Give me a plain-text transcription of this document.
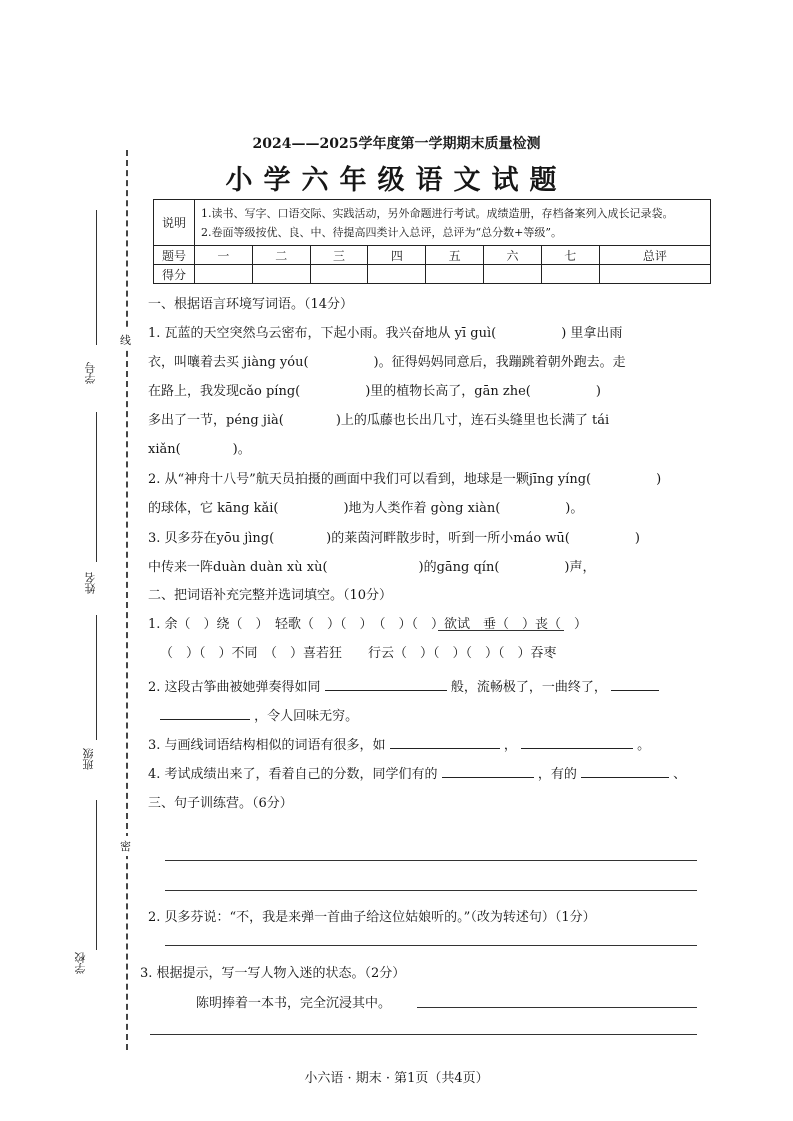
2024——2025学年度第一学期期末质量检测
小学六年级语文试题
学号
姓名
班级
学校
线
密
说明	1.读书、写字、口语交际、实践活动，另外命题进行考试。成绩造册，存档备案列入成长记录袋。
2.卷面等级按优、良、中、待提高四类计入总评，总评为“总分数+等级”。							

题号	一	二	三	四	五	六	七	总评
得分								
一、根据语言环境写词语。（14分）
1. 瓦蓝的天空突然乌云密布，下起小雨。我兴奋地从 yī guì(　　　　　) 里拿出雨
衣，叫嚷着去买 jiàng yóu(　　　　　)。征得妈妈同意后，我蹦跳着朝外跑去。走
在路上，我发现cǎo píng(　　　　　)里的植物长高了，gān zhe(　　　　　)
多出了一节，péng jià(　　　　)上的瓜藤也长出几寸，连石头缝里也长满了 tái
xiǎn(　　　　)。
2. 从“神舟十八号”航天员拍摄的画面中我们可以看到，地球是一颗jīng yíng(　　　　　)
的球体，它 kāng kǎi(　　　　　)地为人类作着 gòng xiàn(　　　　　)。
3. 贝多芬在yōu jìng(　　　　)的莱茵河畔散步时，听到一所小máo wū(　　　　　)
中传来一阵duàn duàn xù xù(　　　　　　　)的gāng qín(　　　　　)声，
二、把词语补充完整并选词填空。（10分）
1. 余（　）绕（　）　轻歌（　）（　）　（　）（　）欲试　垂（　）丧（　）
（　）（　）不同　（　）喜若狂　　行云（　）（　）（　）（　）吞枣
2. 这段古筝曲被她弹奏得如同	般，流畅极了，一曲终了，
，令人回味无穷。
3. 与画线词语结构相似的词语有很多，如	，	。
4. 考试成绩出来了，看着自己的分数，同学们有的	，有的	、
三、句子训练营。（6分）
2. 贝多芬说：“不，我是来弹一首曲子给这位姑娘听的。”（改为转述句）（1分）
3. 根据提示，写一写人物入迷的状态。（2分）
陈明捧着一本书，完全沉浸其中。
小六语 · 期末 · 第1页（共4页）
